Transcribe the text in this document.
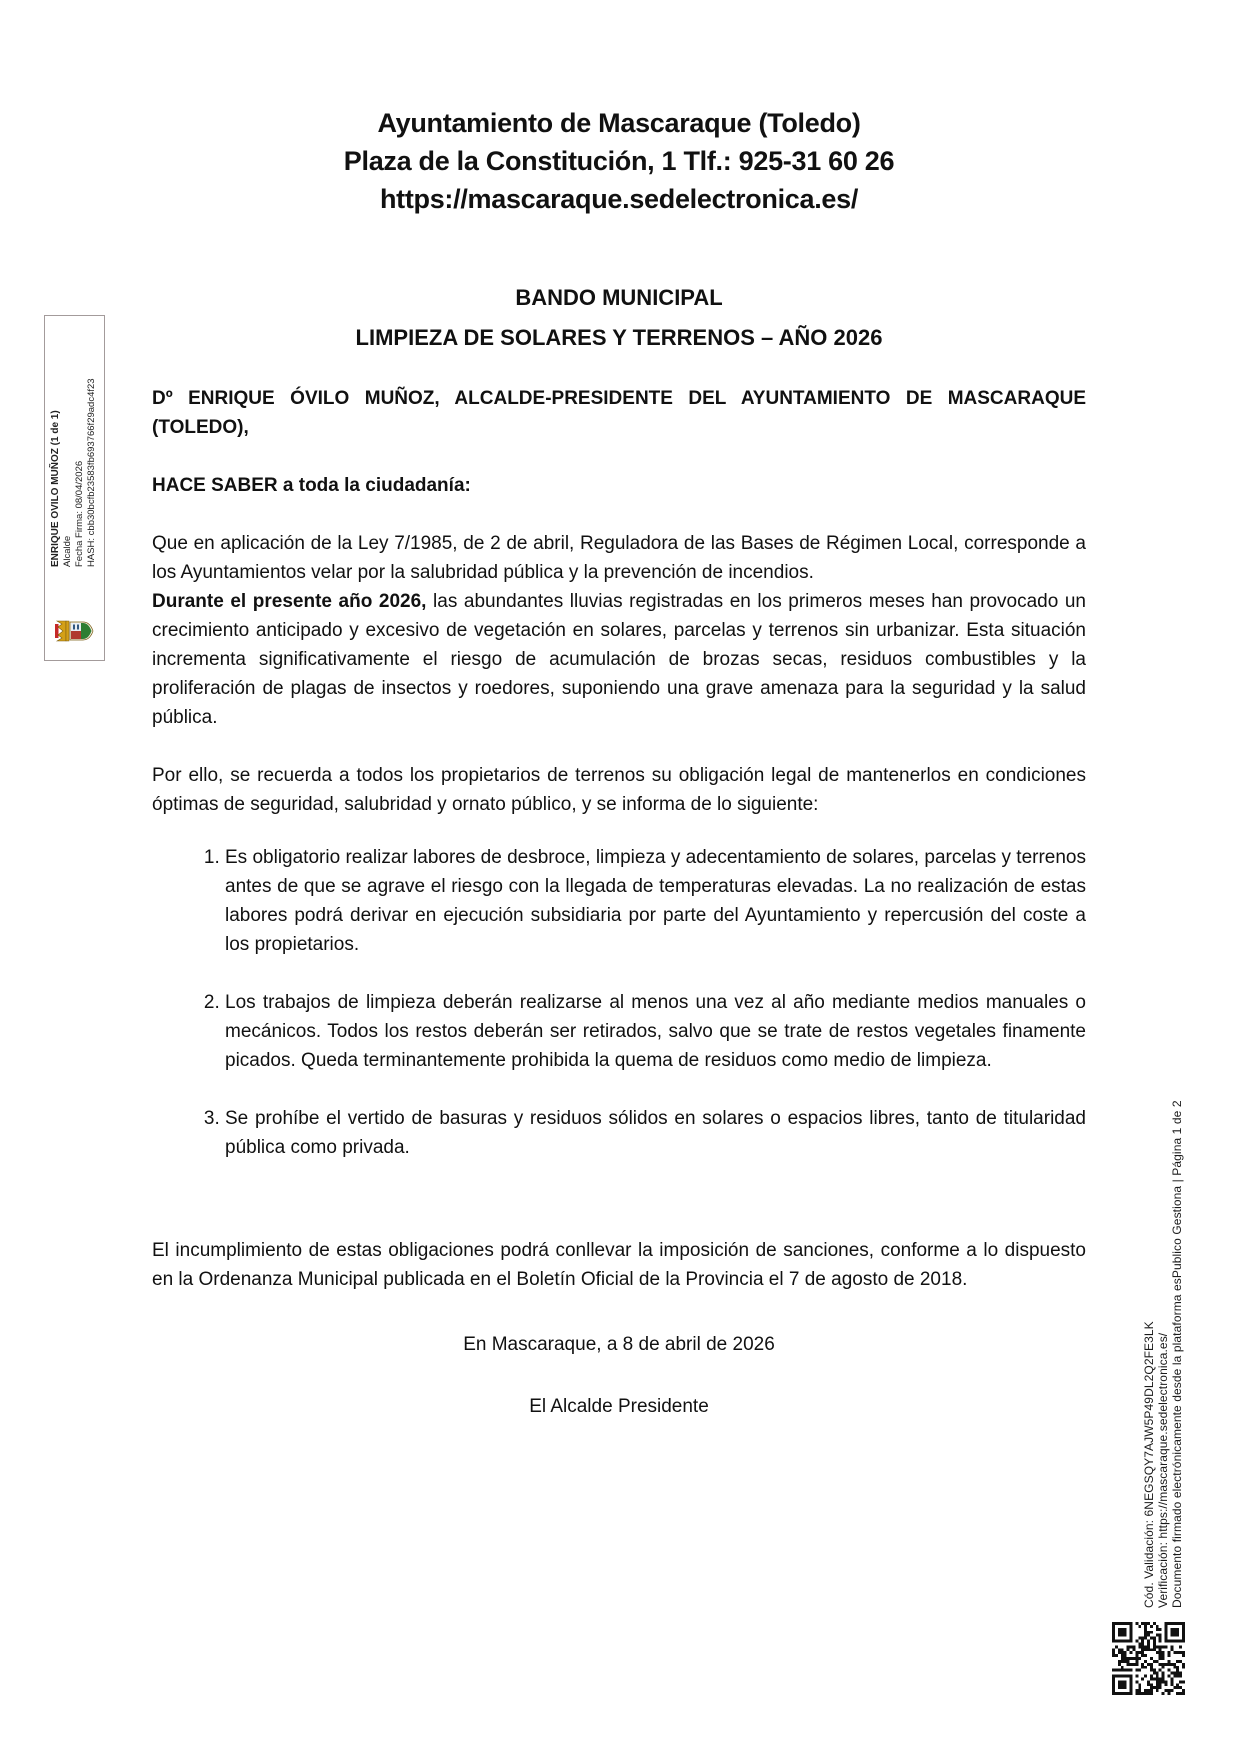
ENRIQUE OVILO MUÑOZ (1 de 1) Alcalde Fecha Firma: 08/04/2026 HASH: cbb30bcfb23583fb693766f29adc4f23
Ayuntamiento de Mascaraque (Toledo)
Plaza de la Constitución, 1 Tlf.: 925-31 60 26
https://mascaraque.sedelectronica.es/
BANDO MUNICIPAL
LIMPIEZA DE SOLARES Y TERRENOS – AÑO 2026

Dº ENRIQUE ÓVILO MUÑOZ, ALCALDE-PRESIDENTE DEL AYUNTAMIENTO DE MASCARAQUE (TOLEDO),

HACE SABER a toda la ciudadanía:

Que en aplicación de la Ley 7/1985, de 2 de abril, Reguladora de las Bases de Régimen Local, corresponde a los Ayuntamientos velar por la salubridad pública y la prevención de incendios.

Durante el presente año 2026, las abundantes lluvias registradas en los primeros meses han provocado un crecimiento anticipado y excesivo de vegetación en solares, parcelas y terrenos sin urbanizar. Esta situación incrementa significativamente el riesgo de acumulación de brozas secas, residuos combustibles y la proliferación de plagas de insectos y roedores, suponiendo una grave amenaza para la seguridad y la salud pública.

Por ello, se recuerda a todos los propietarios de terrenos su obligación legal de mantenerlos en condiciones óptimas de seguridad, salubridad y ornato público, y se informa de lo siguiente:

1. Es obligatorio realizar labores de desbroce, limpieza y adecentamiento de solares, parcelas y terrenos antes de que se agrave el riesgo con la llegada de temperaturas elevadas. La no realización de estas labores podrá derivar en ejecución subsidiaria por parte del Ayuntamiento y repercusión del coste a los propietarios.
2. Los trabajos de limpieza deberán realizarse al menos una vez al año mediante medios manuales o mecánicos. Todos los restos deberán ser retirados, salvo que se trate de restos vegetales finamente picados. Queda terminantemente prohibida la quema de residuos como medio de limpieza.
3. Se prohíbe el vertido de basuras y residuos sólidos en solares o espacios libres, tanto de titularidad pública como privada.

El incumplimiento de estas obligaciones podrá conllevar la imposición de sanciones, conforme a lo dispuesto en la Ordenanza Municipal publicada en el Boletín Oficial de la Provincia el 7 de agosto de 2018.

En Mascaraque, a 8 de abril de 2026

El Alcalde Presidente	Cód. Validación: 6NEGSQY7AJW5P49DL2Q2FE3LK Verificación: https://mascaraque.sedelectronica.es/ Documento firmado electrónicamente desde la plataforma esPublico Gestiona | Página 1 de 2
